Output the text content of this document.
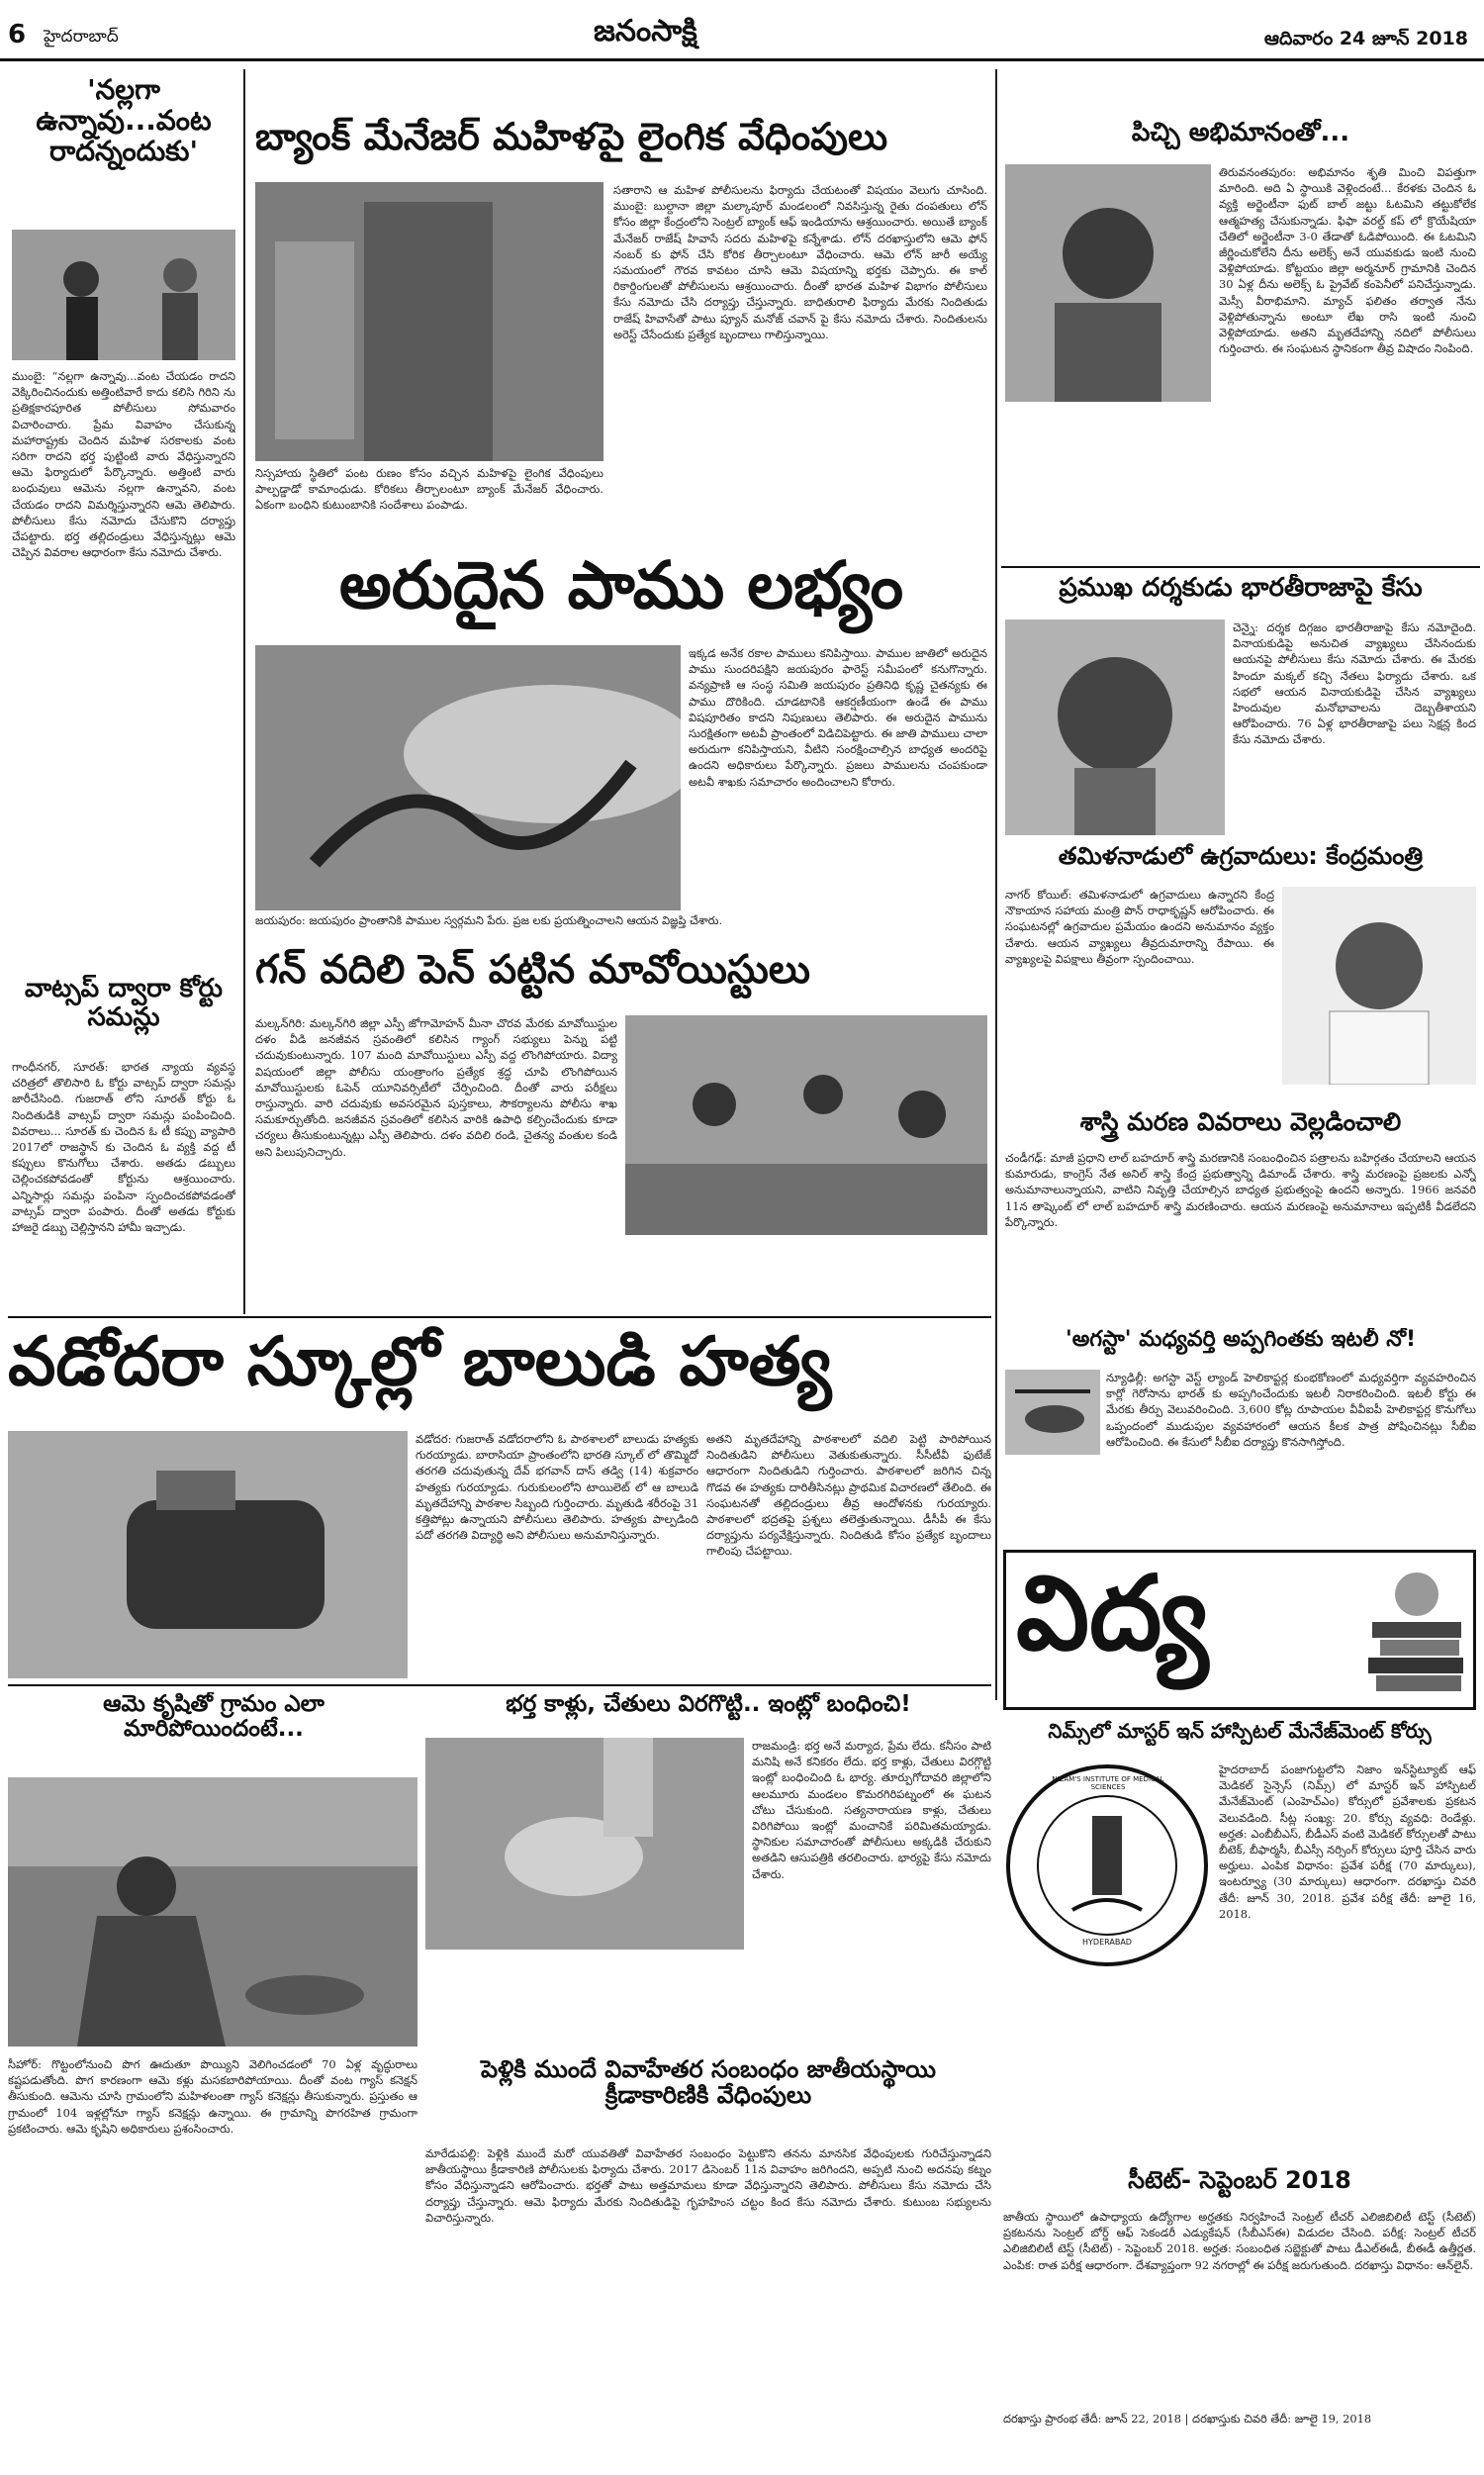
6 హైదరాబాద్	జనంసాక్షి	ఆదివారం 24 జూన్ 2018
'నల్లగా ఉన్నావు...వంట రాదన్నందుకు'
ముంబై: “నల్లగా ఉన్నావు...వంట చేయడం రాదని వెక్కిరించినందుకు అత్తింటివారే కాదు కలిసి గిరిని ను ప్రతిక్షకారపూరిత పోలీసులు సోమవారం విచారించారు. ప్రేమ వివాహం చేసుకున్న మహారాష్ట్రకు చెందిన మహిళ సరకాలకు వంట సరిగా రాదని భర్త పుట్టింటి వారు వేధిస్తున్నారని ఆమె ఫిర్యాదులో పేర్కొన్నారు. అత్తింటి వారు బంధువులు ఆమెను నల్లగా ఉన్నావని, వంట చేయడం రాదని విమర్శిస్తున్నారని ఆమె తెలిపారు. పోలీసులు కేసు నమోదు చేసుకొని దర్యాప్తు చేపట్టారు. భర్త తల్లిదండ్రులు వేధిస్తున్నట్లు ఆమె చెప్పిన వివరాల ఆధారంగా కేసు నమోదు చేశారు.
వాట్సప్ ద్వారా కోర్టు సమన్లు
గాంధీనగర్, సూరత్: భారత న్యాయ వ్యవస్థ చరిత్రలో తొలిసారి ఓ కోర్టు వాట్సప్ ద్వారా సమన్లు జారీచేసింది. గుజరాత్ లోని సూరత్ కోర్టు ఓ నిందితుడికి వాట్సప్ ద్వారా సమన్లు పంపించింది. వివరాలు... సూరత్ కు చెందిన ఓ టీ కప్పు వ్యాపారి 2017లో రాజస్థాన్ కు చెందిన ఓ వ్యక్తి వద్ద టీ కప్పులు కొనుగోలు చేశారు. అతడు డబ్బులు చెల్లించకపోవడంతో కోర్టును ఆశ్రయించారు. ఎన్నిసార్లు సమన్లు పంపినా స్పందించకపోవడంతో వాట్సప్ ద్వారా పంపారు. దీంతో అతడు కోర్టుకు హాజరై డబ్బు చెల్లిస్తానని హామీ ఇచ్చాడు.
బ్యాంక్ మేనేజర్ మహిళపై లైంగిక వేధింపులు
నిస్సహాయ స్థితిలో పంట రుణం కోసం వచ్చిన మహిళపై లైంగిక వేధింపులు పాల్పడ్డాడో కామాంధుడు. కోరికలు తీర్చాలంటూ బ్యాంక్ మేనేజర్ వేధించారు. ఏకంగా బంధిని కుటుంబానికి సందేశాలు పంపాడు.
సతారాని ఆ మహిళ పోలీసులను ఫిర్యాదు చేయటంతో విషయం వెలుగు చూసింది. ముంబై: బుల్దానా జిల్లా మల్కాపూర్ మండలంలో నివసిస్తున్న రైతు దంపతులు లోన్ కోసం జిల్లా కేంద్రంలోని సెంట్రల్ బ్యాంక్ ఆఫ్ ఇండియాను ఆశ్రయించారు. అయితే బ్యాంక్ మేనేజర్ రాజేష్ హివాసే సదరు మహిళపై కన్నేశాడు. లోన్ దరఖాస్తులోని ఆమె ఫోన్ నంబర్ కు ఫోన్ చేసి కోరిక తీర్చాలంటూ వేధించారు. ఆమె లోన్ జారీ అయ్యే సమయంలో గౌరవ కావటం చూసి ఆమె విషయాన్ని భర్తకు చెప్పారు. ఈ కాల్ రికార్డింగులతో పోలీసులను ఆశ్రయించారు. దీంతో భారత మహిళ విభాగం పోలీసులు కేసు నమోదు చేసి దర్యాప్తు చేస్తున్నారు. బాధితురాలి ఫిర్యాదు మేరకు నిందితుడు రాజేష్ హివాసేతో పాటు ప్యూన్ మనోజ్ చవాన్ పై కేసు నమోదు చేశారు. నిందితులను అరెస్ట్ చేసేందుకు ప్రత్యేక బృందాలు గాలిస్తున్నాయి.
అరుదైన పాము లభ్యం
జయపురం: జయపురం ప్రాంతానికి పాముల స్వర్గమని పేరు. ప్రజ లకు ప్రయత్నించాలని ఆయన విజ్ఞప్తి చేశారు.
ఇక్కడ అనేక రకాల పాములు కనిపిస్తాయి. పాముల జాతిలో అరుదైన పాము సుందరిపక్షిని జయపురం ఫారెస్ట్ సమీపంలో కనుగొన్నారు. వన్యప్రాణి ఆ సంస్థ సమితి జయపురం ప్రతినిధి కృష్ణ చైతన్యకు ఈ పాము దొరికింది. చూడటానికి ఆకర్షణీయంగా ఉండే ఈ పాము విషపూరితం కాదని నిపుణులు తెలిపారు. ఈ అరుదైన పామును సురక్షితంగా అటవీ ప్రాంతంలో విడిచిపెట్టారు. ఈ జాతి పాములు చాలా అరుదుగా కనిపిస్తాయని, వీటిని సంరక్షించాల్సిన బాధ్యత అందరిపై ఉందని అధికారులు పేర్కొన్నారు. ప్రజలు పాములను చంపకుండా అటవీ శాఖకు సమాచారం అందించాలని కోరారు.
గన్ వదిలి పెన్ పట్టిన మావోయిస్టులు
మల్కన్‌గిరి: మల్కన్‌గిరి జిల్లా ఎస్పీ జోగామోహన్ మీనా చొరవ మేరకు మావోయిస్టుల దళం వీడి జనజీవన స్రవంతిలో కలిసిన గ్యాంగ్ సభ్యులు పెన్ను పట్టి చదువుకుంటున్నారు. 107 మంది మావోయిస్టులు ఎస్పీ వద్ద లొంగిపోయారు. విద్యా విషయంలో జిల్లా పోలీసు యంత్రాంగం ప్రత్యేక శ్రద్ధ చూపి లొంగిపోయిన మావోయిస్టులకు ఓపెన్ యూనివర్సిటీలో చేర్పించింది. దీంతో వారు పరీక్షలు రాస్తున్నారు. వారి చదువుకు అవసరమైన పుస్తకాలు, సౌకర్యాలను పోలీసు శాఖ సమకూర్చుతోంది. జనజీవన స్రవంతిలో కలిసిన వారికి ఉపాధి కల్పించేందుకు కూడా చర్యలు తీసుకుంటున్నట్లు ఎస్పీ తెలిపారు. దళం వదిలి రండి, చైతన్య వంతుల కండి అని పిలుపునిచ్చారు.
పిచ్చి అభిమానంతో...
తిరువనంతపురం: అభిమానం శృతి మించి విపత్తుగా మారింది. అది ఏ స్థాయికి వెళ్లిందంటే... కేరళకు చెందిన ఓ వ్యక్తి అర్జెంటీనా ఫుట్ బాల్ జట్టు ఓటమిని తట్టుకోలేక ఆత్మహత్య చేసుకున్నాడు. ఫిఫా వరల్డ్ కప్ లో క్రొయేషియా చేతిలో అర్జెంటీనా 3-0 తేడాతో ఓడిపోయింది. ఈ ఓటమిని జీర్ణించుకోలేని దీను అలెక్స్ అనే యువకుడు ఇంటి నుంచి వెళ్లిపోయాడు. కోట్టయం జిల్లా అర్మనూర్ గ్రామానికి చెందిన 30 ఏళ్ల దీను అలెక్స్ ఓ ప్రైవేట్ కంపెనీలో పనిచేస్తున్నాడు. మెస్సీ వీరాభిమాని. మ్యాచ్ ఫలితం తర్వాత నేను వెళ్లిపోతున్నాను అంటూ లేఖ రాసి ఇంటి నుంచి వెళ్లిపోయాడు. అతని మృతదేహాన్ని నదిలో పోలీసులు గుర్తించారు. ఈ సంఘటన స్థానికంగా తీవ్ర విషాదం నింపింది.
ప్రముఖ దర్శకుడు భారతీరాజాపై కేసు
చెన్నై: దర్శక దిగ్గజం భారతీరాజాపై కేసు నమోదైంది. వినాయకుడిపై అనుచిత వ్యాఖ్యలు చేసినందుకు ఆయనపై పోలీసులు కేసు నమోదు చేశారు. ఈ మేరకు హిందూ మక్కల్ కచ్చి నేతలు ఫిర్యాదు చేశారు. ఒక సభలో ఆయన వినాయకుడిపై చేసిన వ్యాఖ్యలు హిందువుల మనోభావాలను దెబ్బతీశాయని ఆరోపించారు. 76 ఏళ్ల భారతీరాజాపై పలు సెక్షన్ల కింద కేసు నమోదు చేశారు.
తమిళనాడులో ఉగ్రవాదులు: కేంద్రమంత్రి
నాగర్ కోయిల్: తమిళనాడులో ఉగ్రవాదులు ఉన్నారని కేంద్ర నౌకాయాన సహాయ మంత్రి పొన్ రాధాకృష్ణన్ ఆరోపించారు. ఈ సంఘటనల్లో ఉగ్రవాదుల ప్రమేయం ఉందని అనుమానం వ్యక్తం చేశారు. ఆయన వ్యాఖ్యలు తీవ్రదుమారాన్ని రేపాయి. ఈ వ్యాఖ్యలపై విపక్షాలు తీవ్రంగా స్పందించాయి.
శాస్త్రి మరణ వివరాలు వెల్లడించాలి
చండీగఢ్: మాజీ ప్రధాని లాల్ బహదూర్ శాస్త్రి మరణానికి సంబంధించిన పత్రాలను బహిర్గతం చేయాలని ఆయన కుమారుడు, కాంగ్రెస్ నేత అనిల్ శాస్త్రి కేంద్ర ప్రభుత్వాన్ని డిమాండ్ చేశారు. శాస్త్రి మరణంపై ప్రజలకు ఎన్నో అనుమానాలున్నాయని, వాటిని నివృత్తి చేయాల్సిన బాధ్యత ప్రభుత్వంపై ఉందని అన్నారు. 1966 జనవరి 11న తాష్కెంట్ లో లాల్ బహదూర్ శాస్త్రి మరణించారు. ఆయన మరణంపై అనుమానాలు ఇప్పటికీ వీడలేదని పేర్కొన్నారు.
'అగస్టా' మధ్యవర్తి అప్పగింతకు ఇటలీ నో!
న్యూఢిల్లీ: అగస్టా వెస్ట్ ల్యాండ్ హెలికాప్టర్ల కుంభకోణంలో మధ్యవర్తిగా వ్యవహరించిన కార్లో గెరోసాను భారత్ కు అప్పగించేందుకు ఇటలీ నిరాకరించింది. ఇటలీ కోర్టు ఈ మేరకు తీర్పు వెలువరించింది. 3,600 కోట్ల రూపాయల వీవీఐపీ హెలికాప్టర్ల కొనుగోలు ఒప్పందంలో ముడుపుల వ్యవహారంలో ఆయన కీలక పాత్ర పోషించినట్లు సీబీఐ ఆరోపించింది. ఈ కేసులో సీబీఐ దర్యాప్తు కొనసాగిస్తోంది.
విద్య
నిమ్స్‌లో మాస్టర్ ఇన్ హాస్పిటల్ మేనేజ్‌మెంట్ కోర్సు
NIZAM'S INSTITUTE OF MEDICAL SCIENCES
HYDERABAD
హైదరాబాద్ పంజాగుట్టలోని నిజాం ఇన్‌స్టిట్యూట్ ఆఫ్ మెడికల్ సైన్సెస్ (నిమ్స్) లో మాస్టర్ ఇన్ హాస్పిటల్ మేనేజ్‌మెంట్ (ఎంహెచ్‌ఎం) కోర్సులో ప్రవేశాలకు ప్రకటన వెలువడింది. సీట్ల సంఖ్య: 20. కోర్సు వ్యవధి: రెండేళ్లు. అర్హత: ఎంబీబీఎస్, బీడీఎస్ వంటి మెడికల్ కోర్సులతో పాటు బీటెక్, బీఫార్మసీ, బీఎస్సీ నర్సింగ్ కోర్సులు పూర్తి చేసిన వారు అర్హులు. ఎంపిక విధానం: ప్రవేశ పరీక్ష (70 మార్కులు), ఇంటర్వ్యూ (30 మార్కులు) ఆధారంగా. దరఖాస్తు చివరి తేదీ: జూన్ 30, 2018. ప్రవేశ పరీక్ష తేదీ: జూలై 16, 2018.
సీటెట్- సెప్టెంబర్ 2018
జాతీయ స్థాయిలో ఉపాధ్యాయ ఉద్యోగాల అర్హతకు నిర్వహించే సెంట్రల్ టీచర్ ఎలిజిబిలిటీ టెస్ట్ (సీటెట్) ప్రకటనను సెంట్రల్ బోర్డ్ ఆఫ్ సెకండరీ ఎడ్యుకేషన్ (సీబీఎస్‌ఈ) విడుదల చేసింది. పరీక్ష: సెంట్రల్ టీచర్ ఎలిజిబిలిటీ టెస్ట్ (సీటెట్) - సెప్టెంబర్ 2018. అర్హత: సంబంధిత సబ్జెక్టుతో పాటు డీఎల్‌ఈడీ, బీఈడీ ఉత్తీర్ణత. ఎంపిక: రాత పరీక్ష ఆధారంగా. దేశవ్యాప్తంగా 92 నగరాల్లో ఈ పరీక్ష జరుగుతుంది. దరఖాస్తు విధానం: ఆన్‌లైన్.
దరఖాస్తు ప్రారంభ తేదీ: జూన్ 22, 2018 | దరఖాస్తుకు చివరి తేదీ: జూలై 19, 2018
వడోదరా స్కూల్లో బాలుడి హత్య
వడోదర: గుజరాత్ వడోదరాలోని ఓ పాఠశాలలో బాలుడు హత్యకు గురయ్యాడు. బారాసియా ప్రాంతంలోని భారతి స్కూల్ లో తొమ్మిదో తరగతి చదువుతున్న దేవ్ భగవాన్ దాస్ తడ్వి (14) శుక్రవారం హత్యకు గురయ్యాడు. గురుకులంలోని టాయిలెట్ లో ఆ బాలుడి మృతదేహాన్ని పాఠశాల సిబ్బంది గుర్తించారు. మృతుడి శరీరంపై 31 కత్తిపోట్లు ఉన్నాయని పోలీసులు తెలిపారు. హత్యకు పాల్పడింది పదో తరగతి విద్యార్థి అని పోలీసులు అనుమానిస్తున్నారు.
అతని మృతదేహాన్ని పాఠశాలలో వదిలి పెట్టి పారిపోయిన నిందితుడిని పోలీసులు వెతుకుతున్నారు. సీసీటీవీ ఫుటేజ్ ఆధారంగా నిందితుడిని గుర్తించారు. పాఠశాలలో జరిగిన చిన్న గొడవ ఈ హత్యకు దారితీసినట్లు ప్రాథమిక విచారణలో తేలింది. ఈ సంఘటనతో తల్లిదండ్రులు తీవ్ర ఆందోళనకు గురయ్యారు. పాఠశాలలో భద్రతపై ప్రశ్నలు తలెత్తుతున్నాయి. డీసీపీ ఈ కేసు దర్యాప్తును పర్యవేక్షిస్తున్నారు. నిందితుడి కోసం ప్రత్యేక బృందాలు గాలింపు చేపట్టాయి.
ఆమె కృషితో గ్రామం ఎలా మారిపోయిందంటే...
భర్త కాళ్లు, చేతులు విరగొట్టి.. ఇంట్లో బంధించి!
రాజమండ్రి: భర్త అనే మర్యాద, ప్రేమ లేదు. కనీసం పాటి మనిషి అనే కనికరం లేదు. భర్త కాళ్లు, చేతులు విరగ్గొట్టి ఇంట్లో బంధించింది ఓ భార్య. తూర్పుగోదావరి జిల్లాలోని ఆలమూరు మండలం కొమరగిరిపట్నంలో ఈ ఘటన చోటు చేసుకుంది. సత్యనారాయణ కాళ్లు, చేతులు విరిగిపోయి ఇంట్లో మంచానికే పరిమితమయ్యాడు. స్థానికుల సమాచారంతో పోలీసులు అక్కడికి చేరుకుని అతడిని ఆసుపత్రికి తరలించారు. భార్యపై కేసు నమోదు చేశారు.
పెళ్లికి ముందే వివాహేతర సంబంధం జాతీయస్థాయి క్రీడాకారిణికి వేధింపులు
సీహోర్: గొట్టంలోనుంచి పొగ ఊదుతూ పొయ్యిని వెలిగించడంలో 70 ఏళ్ల వృద్ధురాలు కష్టపడుతోంది. పొగ కారణంగా ఆమె కళ్లు మసకబారిపోయాయి. దీంతో వంట గ్యాస్ కనెక్షన్ తీసుకుంది. ఆమెను చూసి గ్రామంలోని మహిళలంతా గ్యాస్ కనెక్షన్లు తీసుకున్నారు. ప్రస్తుతం ఆ గ్రామంలో 104 ఇళ్లల్లోనూ గ్యాస్ కనెక్షన్లు ఉన్నాయి. ఈ గ్రామాన్ని పొగరహిత గ్రామంగా ప్రకటించారు. ఆమె కృషిని అధికారులు ప్రశంసించారు.
మారేడుపల్లి: పెళ్లికి ముందే మరో యువతితో వివాహేతర సంబంధం పెట్టుకొని తనను మానసిక వేధింపులకు గురిచేస్తున్నాడని జాతీయస్థాయి క్రీడాకారిణి పోలీసులకు ఫిర్యాదు చేశారు. 2017 డిసెంబర్ 11న వివాహం జరిగిందని, అప్పటి నుంచి అదనపు కట్నం కోసం వేధిస్తున్నాడని ఆరోపించారు. భర్తతో పాటు అత్తమామలు కూడా వేధిస్తున్నారని తెలిపారు. పోలీసులు కేసు నమోదు చేసి దర్యాప్తు చేస్తున్నారు. ఆమె ఫిర్యాదు మేరకు నిందితుడిపై గృహహింస చట్టం కింద కేసు నమోదు చేశారు. కుటుంబ సభ్యులను విచారిస్తున్నారు.
